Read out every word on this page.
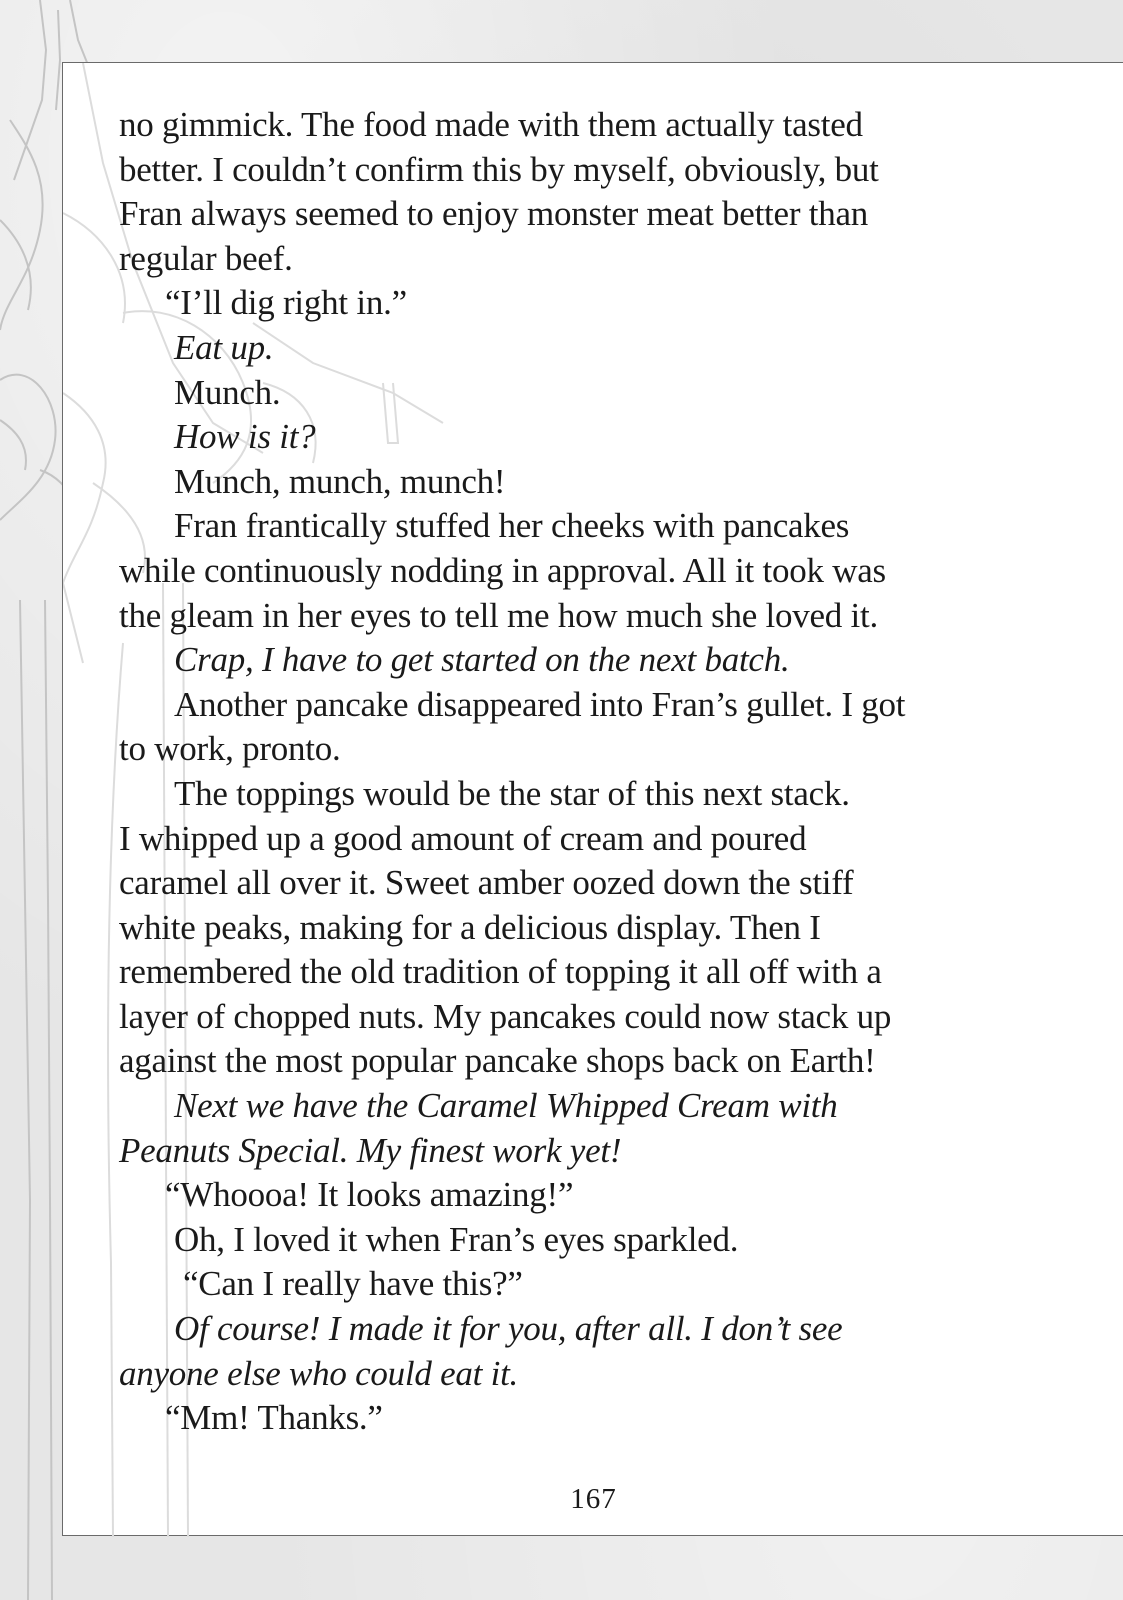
no gimmick. The food made with them actually tasted

better. I couldn’t confirm this by myself, obviously, but

Fran always seemed to enjoy monster meat better than

regular beef.

“I’ll dig right in.”

Eat up.

Munch.

How is it?

Munch, munch, munch!

Fran frantically stuffed her cheeks with pancakes

while continuously nodding in approval. All it took was

the gleam in her eyes to tell me how much she loved it.

Crap, I have to get started on the next batch.

Another pancake disappeared into Fran’s gullet. I got

to work, pronto.

The toppings would be the star of this next stack.

I whipped up a good amount of cream and poured

caramel all over it. Sweet amber oozed down the stiff

white peaks, making for a delicious display. Then I

remembered the old tradition of topping it all off with a

layer of chopped nuts. My pancakes could now stack up

against the most popular pancake shops back on Earth!

Next we have the Caramel Whipped Cream with

Peanuts Special. My finest work yet!

“Whoooa! It looks amazing!”

Oh, I loved it when Fran’s eyes sparkled.

“Can I really have this?”

Of course! I made it for you, after all. I don’t see

anyone else who could eat it.

“Mm! Thanks.”

167
